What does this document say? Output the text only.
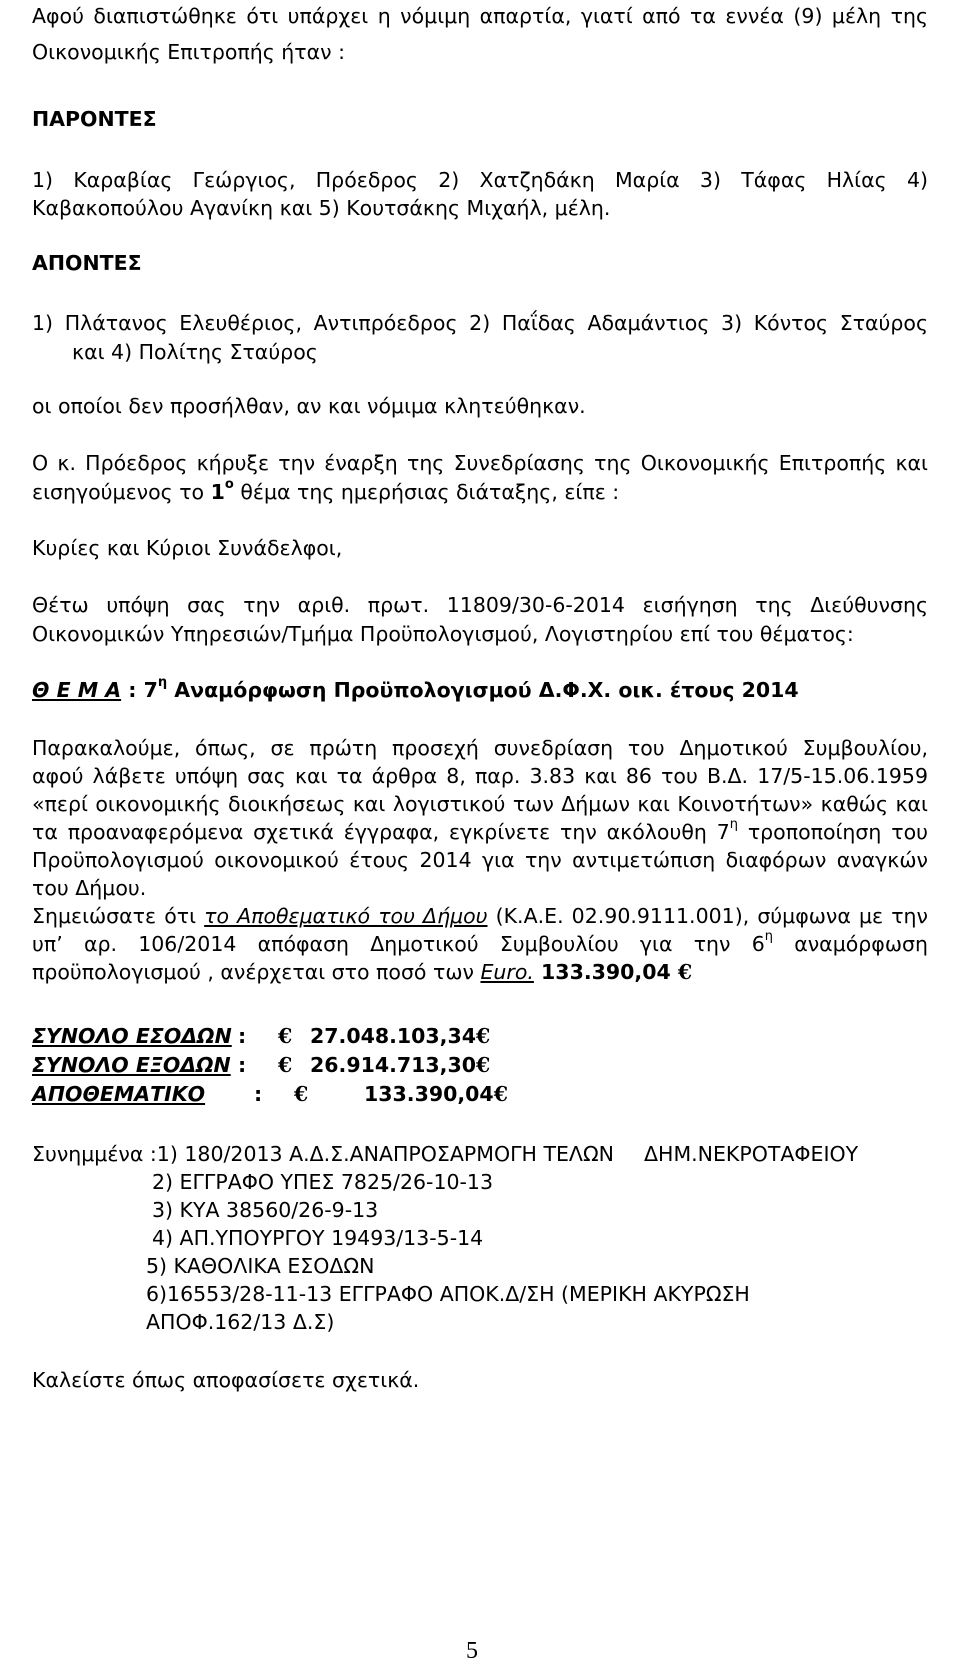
Αφού διαπιστώθηκε ότι υπάρχει η νόμιμη απαρτία, γιατί από τα εννέα (9) μέλη της
Οικονομικής Επιτροπής ήταν :
ΠΑΡΟΝΤΕΣ
1) Καραβίας Γεώργιος, Πρόεδρος 2) Χατζηδάκη Μαρία 3) Τάφας Ηλίας 4)
Καβακοπούλου Αγανίκη και 5) Κουτσάκης Μιχαήλ, μέλη.
ΑΠΟΝΤΕΣ
1) Πλάτανος Ελευθέριος, Αντιπρόεδρος 2) Παΐδας Αδαμάντιος 3) Κόντος Σταύρος
και 4) Πολίτης Σταύρος
οι οποίοι δεν προσήλθαν, αν και νόμιμα κλητεύθηκαν.
Ο κ. Πρόεδρος κήρυξε την έναρξη της Συνεδρίασης της Οικονομικής Επιτροπής και
εισηγούμενος το $1^o$ θέμα της ημερήσιας διάταξης, είπε :
Κυρίες και Κύριοι Συνάδελφοι,
Θέτω υπόψη σας την αριθ. πρωτ. 11809/30-6-2014 εισήγηση της Διεύθυνσης
Οικονομικών Υπηρεσιών/Τμήμα Προϋπολογισμού, Λογιστηρίου επί του θέματος:
Θ Ε Μ Α : $7^\eta$ Αναμόρφωση Προϋπολογισμού Δ.Φ.Χ. οικ. έτους 2014
Παρακαλούμε, όπως, σε πρώτη προσεχή συνεδρίαση του Δημοτικού Συμβουλίου,
αφού λάβετε υπόψη σας και τα άρθρα 8, παρ. 3.83 και 86 του Β.Δ. 17/5-15.06.1959
«περί οικονομικής διοικήσεως και λογιστικού των Δήμων και Κοινοτήτων» καθώς και
τα προαναφερόμενα σχετικά έγγραφα, εγκρίνετε την ακόλουθη $7^\eta$ τροποποίηση του
Προϋπολογισμού οικονομικού έτους 2014 για την αντιμετώπιση διαφόρων αναγκών
του Δήμου.
Σημειώσατε ότι το Αποθεματικό του Δήμου (Κ.Α.Ε. 02.90.9111.001), σύμφωνα με την
υπ’ αρ. 106/2014 απόφαση Δημοτικού Συμβουλίου για την $6^\eta$ αναμόρφωση
προϋπολογισμού , ανέρχεται στο ποσό των Euro. 133.390,04 €
ΣΥΝΟΛΟ ΕΣΟΔΩΝ:€ 27.048.103,34€
ΣΥΝΟΛΟ ΕΞΟΔΩΝ:€ 26.914.713,30€
ΑΠΟΘΕΜΑΤΙΚΟ:€	133.390,04€
Συνημμένα :1) 180/2013 Α.Δ.Σ.ΑΝΑΠΡΟΣΑΡΜΟΓΗ ΤΕΛΩΝ ΔΗΜ.ΝΕΚΡΟΤΑΦΕΙΟΥ
2) ΕΓΓΡΑΦΟ ΥΠΕΣ 7825/26-10-13
3) ΚΥΑ 38560/26-9-13
4) ΑΠ.ΥΠΟΥΡΓΟΥ 19493/13-5-14
5) ΚΑΘΟΛΙΚΑ ΕΣΟΔΩΝ
6)16553/28-11-13 ΕΓΓΡΑΦΟ ΑΠΟΚ.Δ/ΣΗ (ΜΕΡΙΚΗ ΑΚΥΡΩΣΗ
ΑΠΟΦ.162/13 Δ.Σ)
Καλείστε όπως αποφασίσετε σχετικά.
5
